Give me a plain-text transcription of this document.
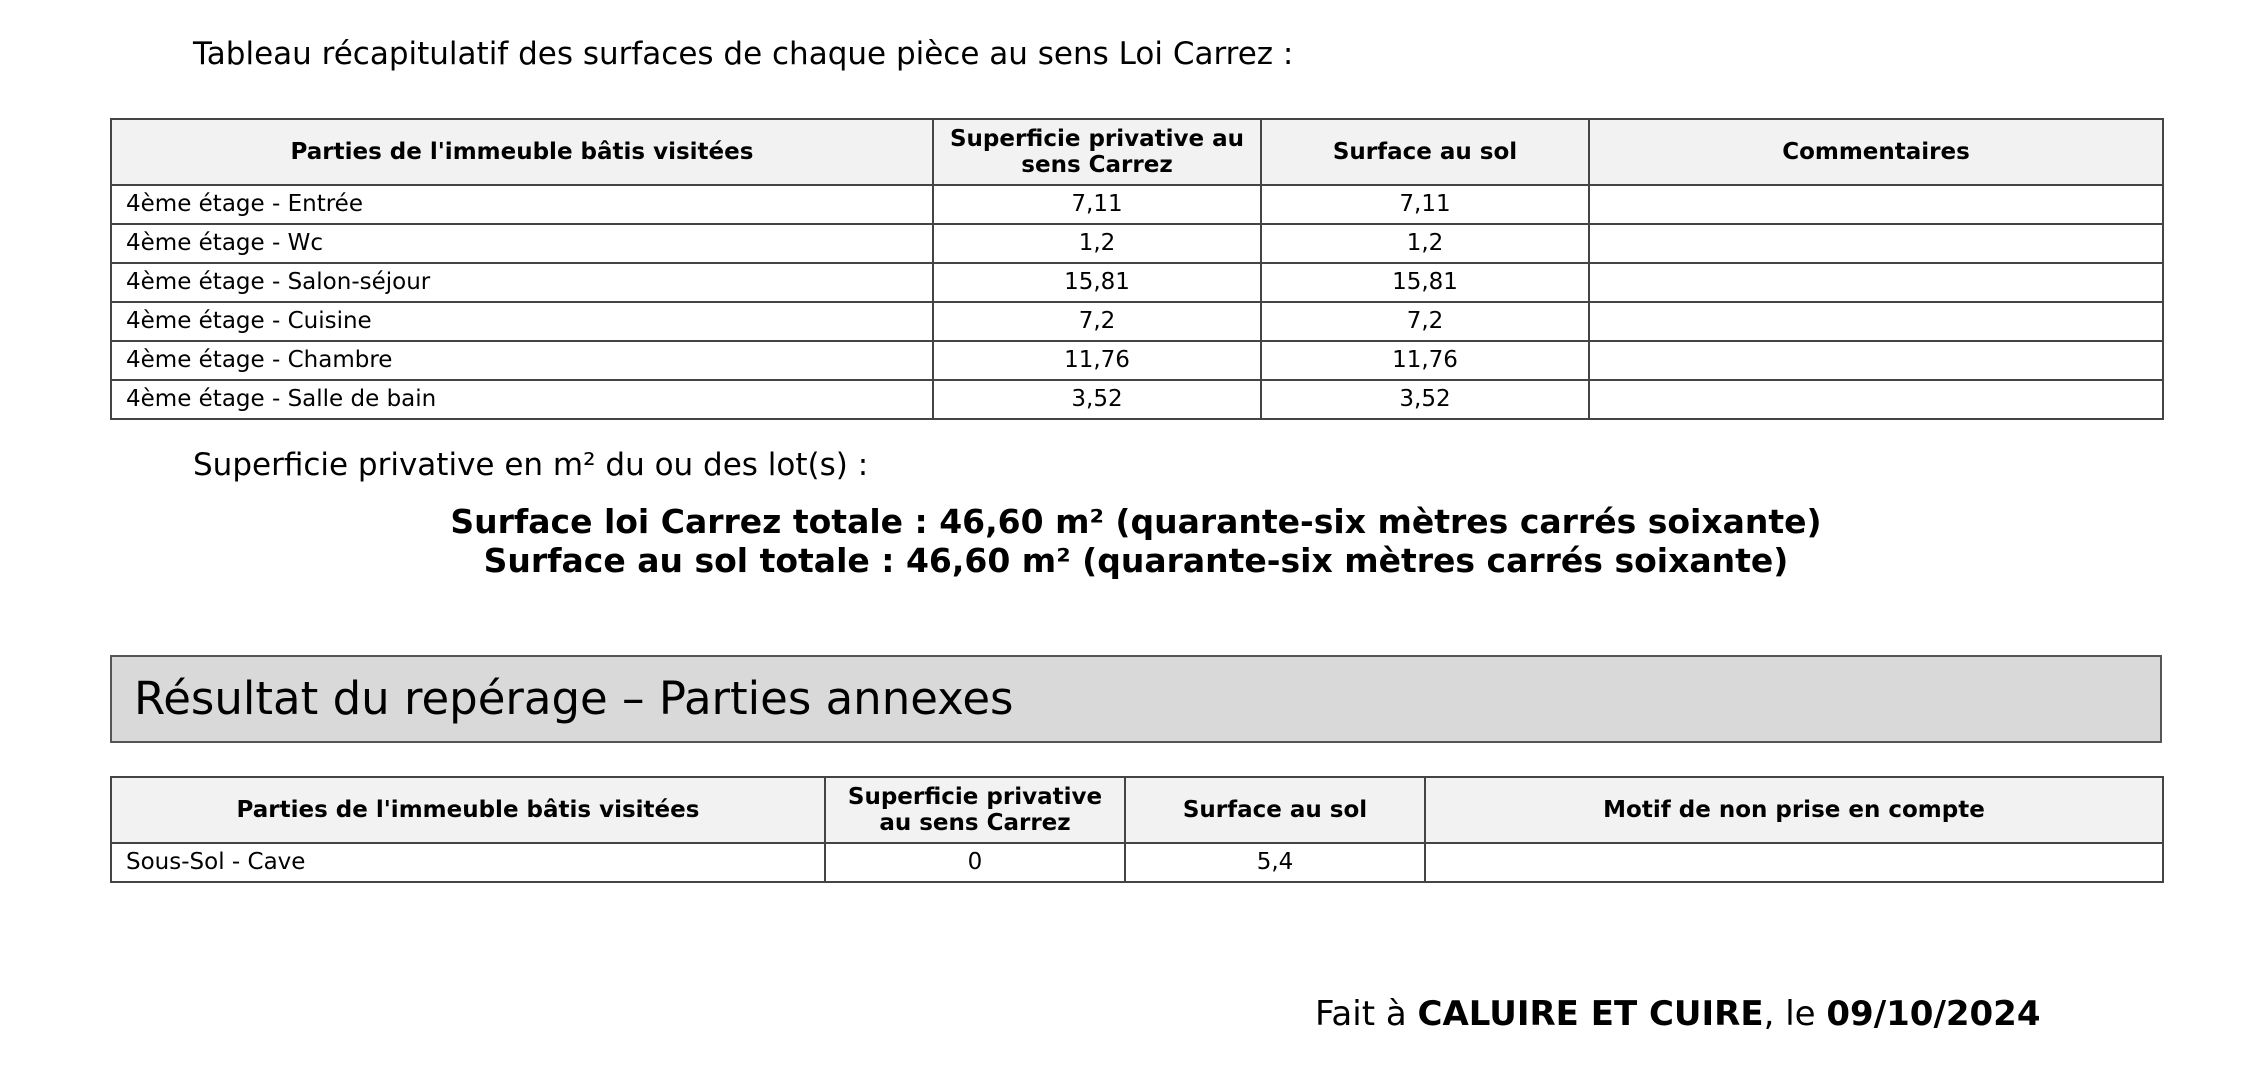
Tableau récapitulatif des surfaces de chaque pièce au sens Loi Carrez :
Parties de l'immeuble bâtis visitées	Superficie privative au sens Carrez	Surface au sol	Commentaires
4ème étage - Entrée	7,11	7,11	
4ème étage - Wc	1,2	1,2	
4ème étage - Salon-séjour	15,81	15,81	
4ème étage - Cuisine	7,2	7,2	
4ème étage - Chambre	11,76	11,76	
4ème étage - Salle de bain	3,52	3,52	
Superficie privative en m² du ou des lot(s) :
Surface loi Carrez totale : 46,60 m² (quarante-six mètres carrés soixante)
Surface au sol totale : 46,60 m² (quarante-six mètres carrés soixante)
Résultat du repérage – Parties annexes
Parties de l'immeuble bâtis visitées	Superficie privative au sens Carrez	Surface au sol	Motif de non prise en compte
Sous-Sol - Cave	0	5,4	
Fait à CALUIRE ET CUIRE, le 09/10/2024
